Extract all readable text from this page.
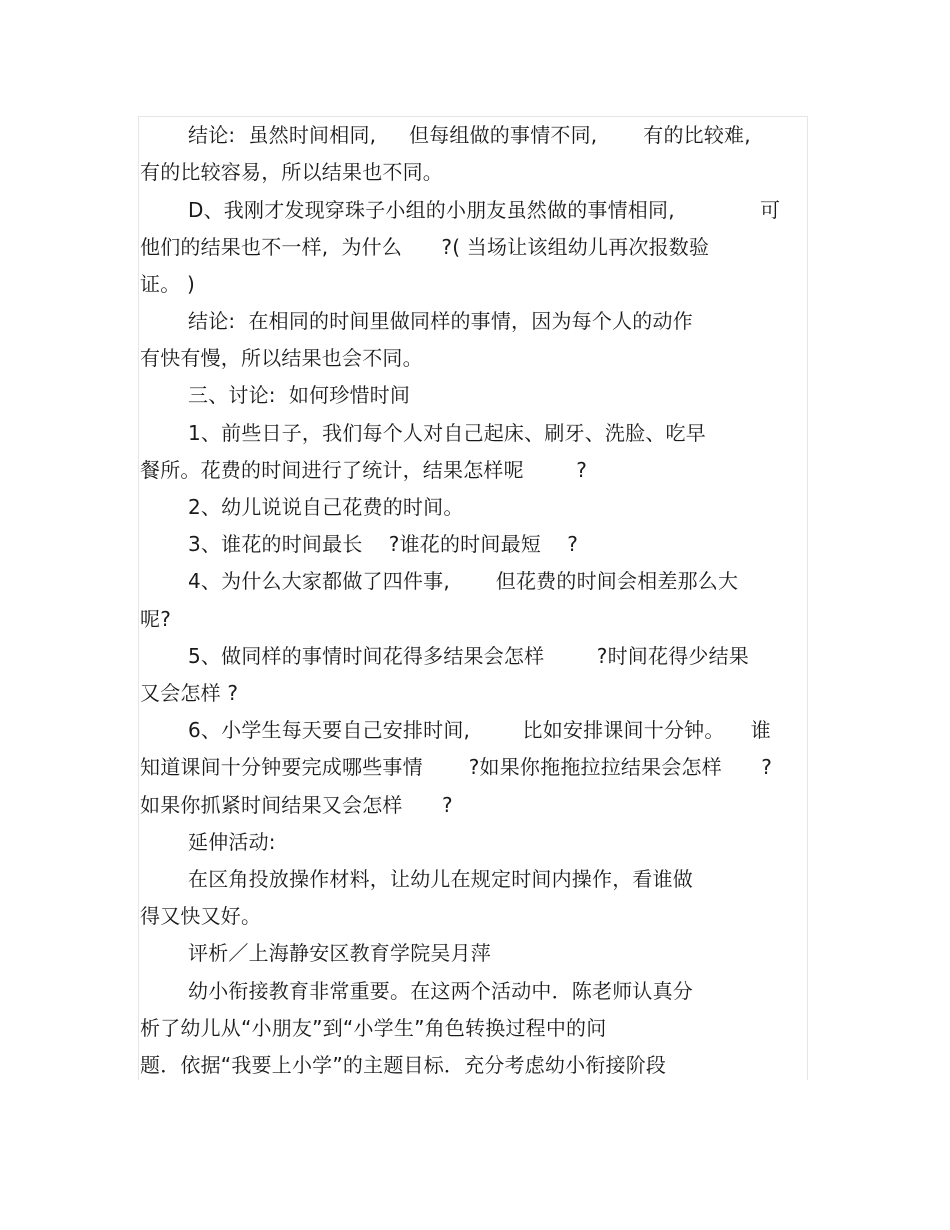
结论:  虽然时间相同,     但每组做的事情不同,       有的比较难,
有的比较容易，所以结果也不同。
D、我刚才发现穿珠子小组的小朋友虽然做的事情相同,             可
他们的结果也不一样,  为什么      ?( 当场让该组幼儿再次报数验
证。 )
结论:  在相同的时间里做同样的事情，因为每个人的动作
有快有慢，所以结果也会不同。
三、讨论:  如何珍惜时间
1、前些日子，我们每个人对自己起床、刷牙、洗脸、吃早
餐所。花费的时间进行了统计，结果怎样呢        ?
2、幼儿说说自己花费的时间。
3、谁花的时间最长    ?谁花的时间最短    ?
4、为什么大家都做了四件事,       但花费的时间会相差那么大
呢?
5、做同样的事情时间花得多结果会怎样        ?时间花得少结果
又会怎样 ?
6、小学生每天要自己安排时间,        比如安排课间十分钟。    谁
知道课间十分钟要完成哪些事情       ?如果你拖拖拉拉结果会怎样      ?
如果你抓紧时间结果又会怎样      ?
延伸活动:
在区角投放操作材料，让幼儿在规定时间内操作，看谁做
得又快又好。
评析／上海静安区教育学院吴月萍
幼小衔接教育非常重要。在这两个活动中．陈老师认真分
析了幼儿从“小朋友”到“小学生”角色转换过程中的问
题．依据“我要上小学”的主题目标．充分考虑幼小衔接阶段
